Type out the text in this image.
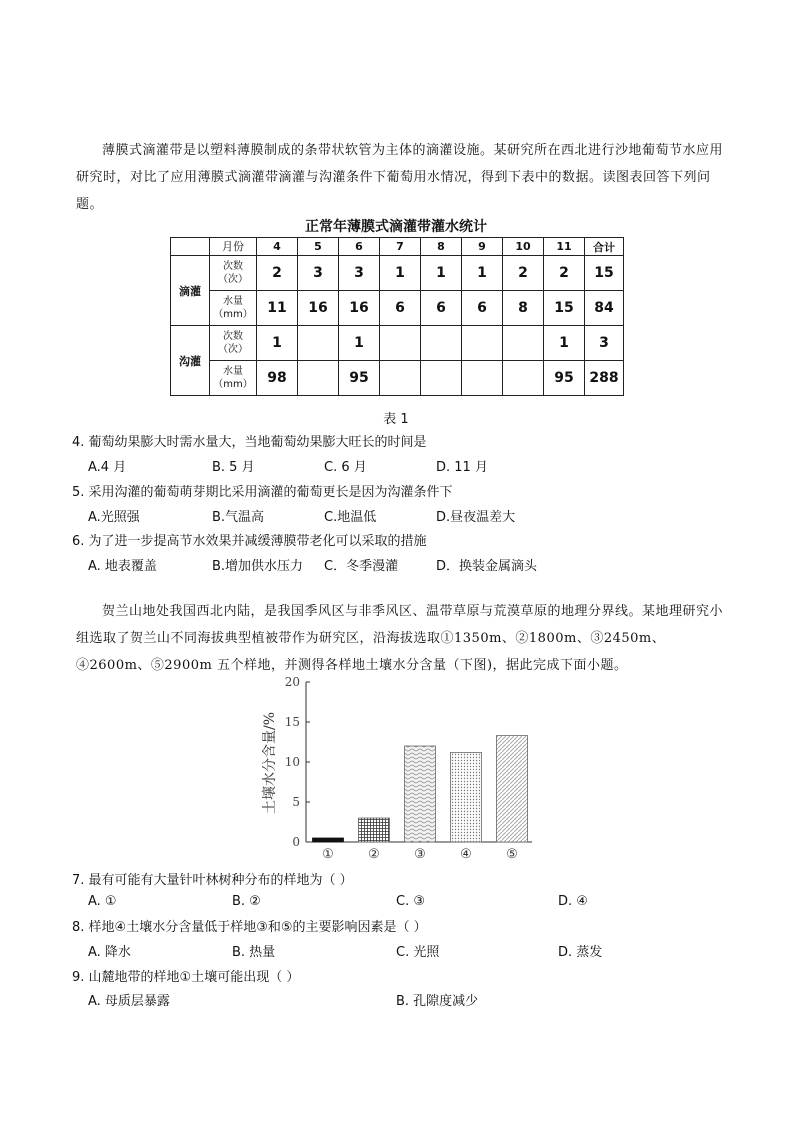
薄膜式滴灌带是以塑料薄膜制成的条带状软管为主体的滴灌设施。某研究所在西北进行沙地葡萄节水应用研究时，对比了应用薄膜式滴灌带滴灌与沟灌条件下葡萄用水情况，得到下表中的数据。读图表回答下列问题。
正常年薄膜式滴灌带灌水统计
	月份	4	5	6	7	8	9	10	11	合计
滴灌	次数
（次）	2	3	3	1	1	1	2	2	15
	水量
（mm）	11	16	16	6	6	6	8	15	84
沟灌	次数
（次）	1		1					1	3
	水量
（mm）	98		95					95	288
表 1
4. 葡萄幼果膨大时需水量大，当地葡萄幼果膨大旺长的时间是
A.4 月	B. 5 月	C. 6 月	D. 11 月
5. 采用沟灌的葡萄萌芽期比采用滴灌的葡萄更长是因为沟灌条件下
A.光照强	B.气温高	C.地温低	D.昼夜温差大
6. 为了进一步提高节水效果并减缓薄膜带老化可以采取的措施
A. 地表覆盖	B.增加供水压力 C．冬季漫灌	D．换装金属滴头
贺兰山地处我国西北内陆，是我国季风区与非季风区、温带草原与荒漠草原的地理分界线。某地理研究小组选取了贺兰山不同海拔典型植被带作为研究区，沿海拔选取①1350m、②1800m、③2450m、④2600m、⑤2900m 五个样地，并测得各样地土壤水分含量（下图)，据此完成下面小题。
土壤水分含量/%
0
5
10
15
20
①	②	③	④	⑤
7. 最有可能有大量针叶林树种分布的样地为（ ）
A. ①	B. ②	C. ③	D. ④
8. 样地④土壤水分含量低于样地③和⑤的主要影响因素是（ ）
A. 降水	B. 热量	C. 光照	D. 蒸发
9. 山麓地带的样地①土壤可能出现（ ）
A. 母质层暴露	B. 孔隙度减少
